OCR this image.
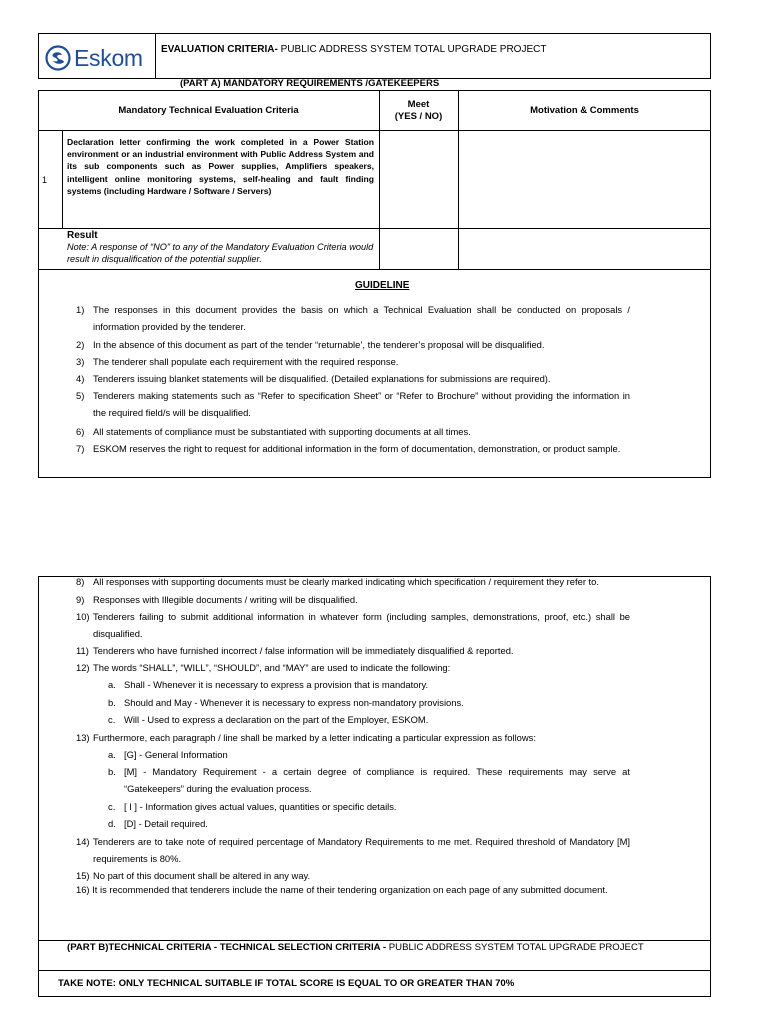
Eskom EVALUATION CRITERIA- PUBLIC ADDRESS SYSTEM TOTAL UPGRADE PROJECT
(PART A) MANDATORY REQUIREMENTS /GATEKEEPERS
Mandatory Technical Evaluation Criteria
Meet
(YES / NO)
Motivation & Comments
1
Declaration letter confirming the work completed in a Power Station environment or an industrial environment with Public Address System and its sub components such as Power supplies, Amplifiers speakers, intelligent online monitoring systems, self-healing and fault finding systems (including Hardware / Software / Servers)
Result
Note: A response of “NO” to any of the Mandatory Evaluation Criteria would result in disqualification of the potential supplier.
GUIDELINE
1) The responses in this document provides the basis on which a Technical Evaluation shall be conducted on proposals / information provided by the tenderer.
2) In the absence of this document as part of the tender “returnable’, the tenderer’s proposal will be disqualified.
3) The tenderer shall populate each requirement with the required response.
4) Tenderers issuing blanket statements will be disqualified. (Detailed explanations for submissions are required).
5) Tenderers making statements such as “Refer to specification Sheet” or “Refer to Brochure” without providing the information in the required field/s will be disqualified.
6) All statements of compliance must be substantiated with supporting documents at all times.
7) ESKOM reserves the right to request for additional information in the form of documentation, demonstration, or product sample.
8) All responses with supporting documents must be clearly marked indicating which specification / requirement they refer to.
9) Responses with Illegible documents / writing will be disqualified.
10) Tenderers failing to submit additional information in whatever form (including samples, demonstrations, proof, etc.) shall be disqualified.
11) Tenderers who have furnished incorrect / false information will be immediately disqualified & reported.
12) The words “SHALL”, “WILL”, “SHOULD”, and “MAY” are used to indicate the following:
13) Furthermore, each paragraph / line shall be marked by a letter indicating a particular expression as follows:
14) Tenderers are to take note of required percentage of Mandatory Requirements to me met. Required threshold of Mandatory [M] requirements is 80%.
15) No part of this document shall be altered in any way.
16) It is recommended that tenderers include the name of their tendering organization on each page of any submitted document.
a. Shall - Whenever it is necessary to express a provision that is mandatory.
b. Should and May - Whenever it is necessary to express non-mandatory provisions.
c. Will - Used to express a declaration on the part of the Employer, ESKOM.
a. [G] - General Information
b. [M] - Mandatory Requirement - a certain degree of compliance is required. These requirements may serve at “Gatekeepers” during the evaluation process.
c. [ I ] - Information gives actual values, quantities or specific details.
d. [D] - Detail required.
(PART B)TECHNICAL CRITERIA - TECHNICAL SELECTION CRITERIA - PUBLIC ADDRESS SYSTEM TOTAL UPGRADE PROJECT
TAKE NOTE: ONLY TECHNICAL SUITABLE IF TOTAL SCORE IS EQUAL TO OR GREATER THAN 70%
